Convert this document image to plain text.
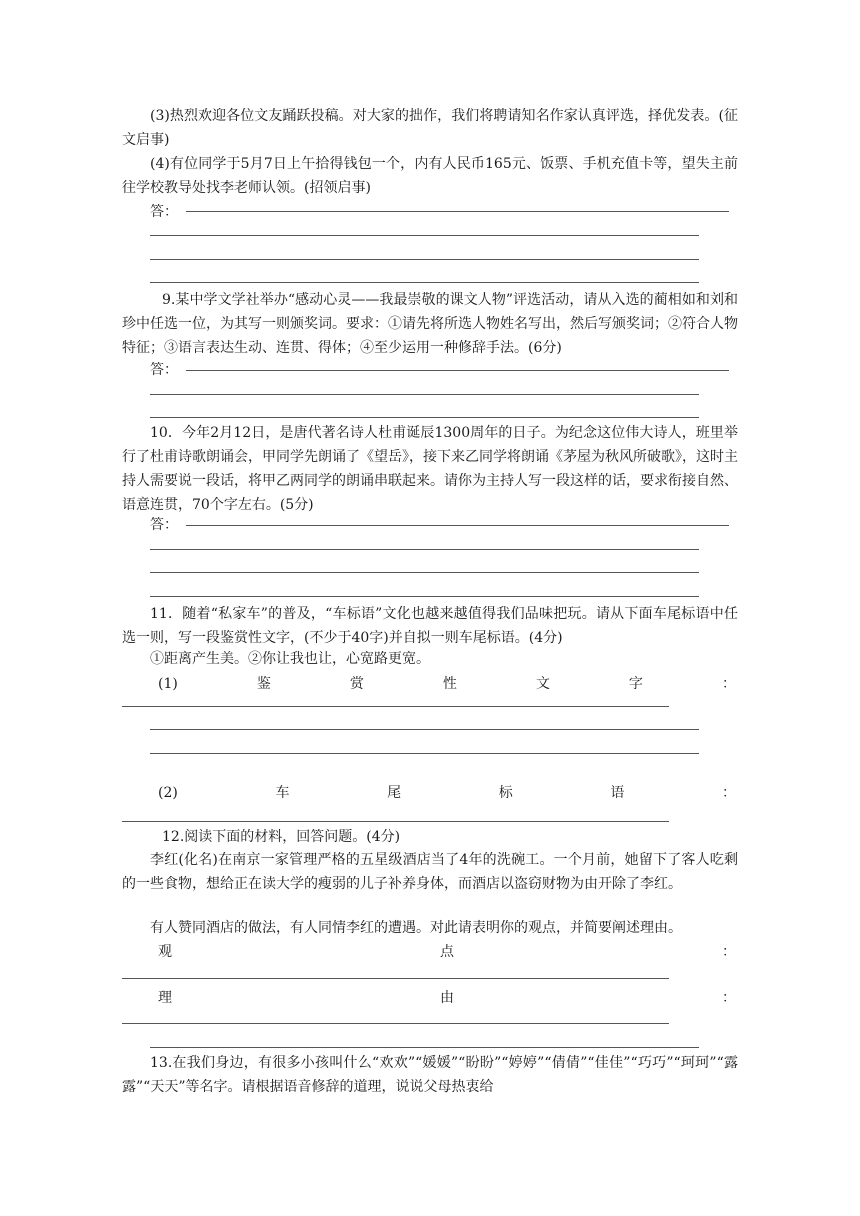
(3)热烈欢迎各位文友踊跃投稿。对大家的拙作，我们将聘请知名作家认真评选，择优发表。(征文启事)
(4)有位同学于5月7日上午拾得钱包一个，内有人民币165元、饭票、手机充值卡等，望失主前往学校教导处找李老师认领。(招领启事)
答：
9.某中学文学社举办“感动心灵——我最崇敬的课文人物”评选活动，请从入选的蔺相如和刘和珍中任选一位，为其写一则颁奖词。要求：①请先将所选人物姓名写出，然后写颁奖词；②符合人物特征；③语言表达生动、连贯、得体；④至少运用一种修辞手法。(6分)
答：
10．今年2月12日，是唐代著名诗人杜甫诞辰1300周年的日子。为纪念这位伟大诗人，班里举行了杜甫诗歌朗诵会，甲同学先朗诵了《望岳》，接下来乙同学将朗诵《茅屋为秋风所破歌》，这时主持人需要说一段话，将甲乙两同学的朗诵串联起来。请你为主持人写一段这样的话，要求衔接自然、语意连贯，70个字左右。(5分)
答：
11．随着“私家车”的普及，“车标语”文化也越来越值得我们品味把玩。请从下面车尾标语中任选一则，写一段鉴赏性文字，(不少于40字)并自拟一则车尾标语。(4分)
①距离产生美。②你让我也让，心宽路更宽。
(1)	鉴	赏	性	文	字	：
(2)	车	尾	标	语	：
12.阅读下面的材料，回答问题。(4分)
李红(化名)在南京一家管理严格的五星级酒店当了4年的洗碗工。一个月前，她留下了客人吃剩的一些食物，想给正在读大学的瘦弱的儿子补养身体，而酒店以盗窃财物为由开除了李红。
有人赞同酒店的做法，有人同情李红的遭遇。对此请表明你的观点，并简要阐述理由。
观	点	：
理	由	：
13.在我们身边，有很多小孩叫什么“欢欢”“媛媛”“盼盼”“婷婷”“倩倩”“佳佳”“巧巧”“珂珂”“露露”“天天”等名字。请根据语音修辞的道理，说说父母热衷给
